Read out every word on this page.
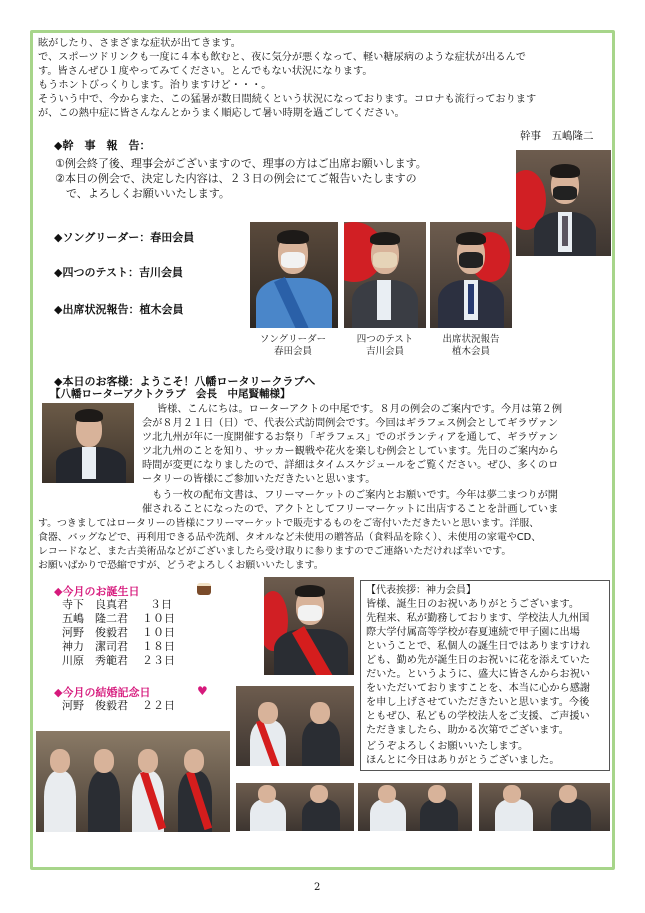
眩がしたり、さまざまな症状が出てきます。
で、スポーツドリンクも一度に４本も飲むと、夜に気分が悪くなって、軽い糖尿病のような症状が出るんで
す。皆さんぜひ１度やってみてください。とんでもない状況になります。
もうホントびっくりします。治りますけど・・・。
そういう中で、今からまた、この猛暑が数日間続くという状況になっております。コロナも流行っております
が、この熱中症に皆さんなんとかうまく順応して暑い時期を過ごしてください。
◆幹　事　報　告：
幹事　五嶋隆二
①例会終了後、理事会がございますので、理事の方はご出席お願いします。
②本日の例会で、決定した内容は、２３日の例会にてご報告いたしますの
　で、よろしくお願いいたします。
◆ソングリーダー：春田会員
◆四つのテスト：吉川会員
◆出席状況報告：植木会員
ソングリーダー
春田会員
四つのテスト
吉川会員
出席状況報告
植木会員
◆本日のお客様：ようこそ！八幡ロータリークラブへ
【八幡ローターアクトクラブ　会長　中尾賢輔様】
皆様、こんにちは。ローターアクトの中尾です。８月の例会のご案内です。今月は第２例
会が８月２１日（日）で、代表公式訪問例会です。今回はギラフェス例会としてギラヴァン
ツ北九州が年に一度開催するお祭り「ギラフェス」でのボランティアを通して、ギラヴァン
ツ北九州のことを知り、サッカー観戦や花火を楽しむ例会としています。先日のご案内から
時間が変更になりましたので、詳細はタイムスケジュールをご覧ください。ぜひ、多くのロ
ータリーの皆様にご参加いただきたいと思います。
　もう一枚の配布文書は、フリーマーケットのご案内とお願いです。今年は夢二まつりが開
催されることになったので、アクトとしてフリーマーケットに出店することを計画していま
す。つきましてはロータリーの皆様にフリーマーケットで販売するものをご寄付いただきたいと思います。洋服、
食器、バッグなどで、再利用できる品や洗剤、タオルなど未使用の贈答品（食料品を除く）、未使用の家電やCD、
レコードなど、また古美術品などがございましたら受け取りに参りますのでご連絡いただければ幸いです。
お願いばかりで恐縮ですが、どうぞよろしくお願いいたします。
◆今月のお誕生日
寺下　良真君 ３日
五嶋　隆二君 １０日
河野　俊毅君 １０日
神力　潔司君 １８日
川原　秀範君 ２３日
◆今月の結婚記念日	♥
河野　俊毅君 ２２日
【代表挨拶：神力会員】
皆様、誕生日のお祝いありがとうございます。
先程来、私が勤務しております、学校法人九州国
際大学付属高等学校が春夏連続で甲子園に出場
ということで、私個人の誕生日ではありますけれ
ども、勤め先が誕生日のお祝いに花を添えていた
だいた。というように、盛大に皆さんからお祝い
をいただいておりますことを、本当に心から感謝
を申し上げさせていただきたいと思います。今後
ともぜひ、私どもの学校法人をご支援、ご声援い
ただきましたら、助かる次第でございます。
どうぞよろしくお願いいたします。
ほんとに今日はありがとうございました。
2
